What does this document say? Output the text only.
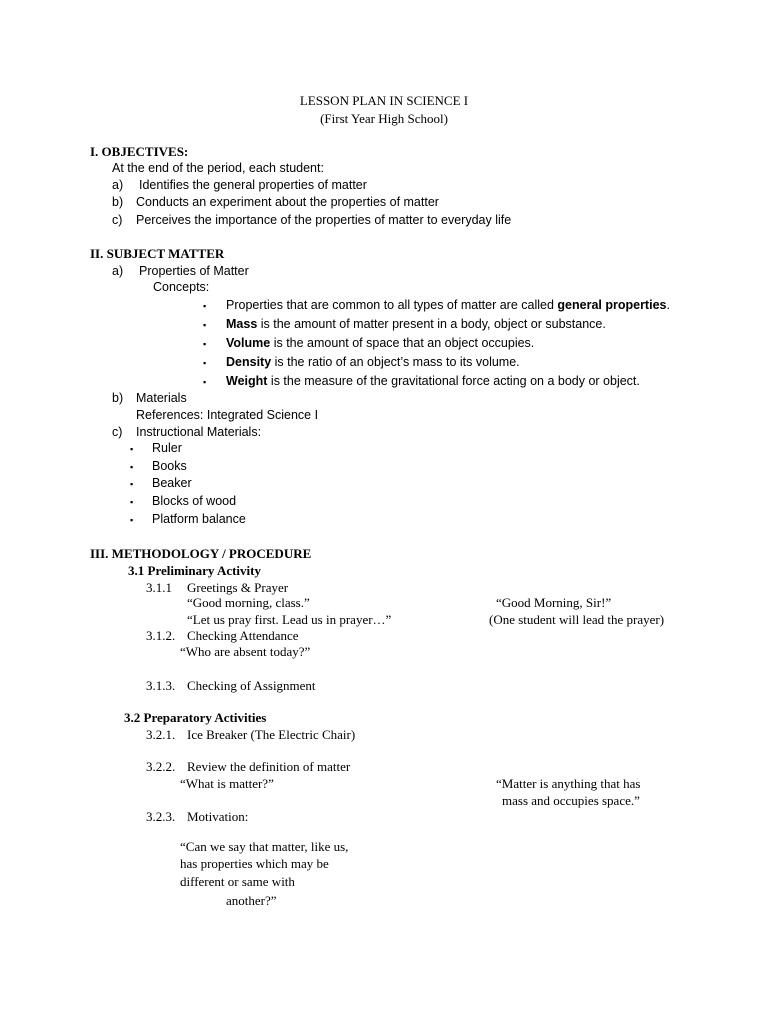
LESSON PLAN IN SCIENCE I
(First Year High School)
I. OBJECTIVES:
At the end of the period, each student:
a) Identifies the general properties of matter
b) Conducts an experiment about the properties of matter
c) Perceives the importance of the properties of matter to everyday life
II. SUBJECT MATTER
a) Properties of Matter
Concepts:
▪ Properties that are common to all types of matter are called general properties.
▪ Mass is the amount of matter present in a body, object or substance.
▪ Volume is the amount of space that an object occupies.
▪ Density is the ratio of an object’s mass to its volume.
▪ Weight is the measure of the gravitational force acting on a body or object.
b) Materials
References: Integrated Science I
c) Instructional Materials:
▪ Ruler
▪ Books
▪ Beaker
▪ Blocks of wood
▪ Platform balance
III. METHODOLOGY / PROCEDURE
3.1 Preliminary Activity
3.1.1 Greetings & Prayer
“Good morning, class.”	“Good Morning, Sir!”
“Let us pray first. Lead us in prayer…”	(One student will lead the prayer)
3.1.2. Checking Attendance
“Who are absent today?”
3.1.3. Checking of Assignment
3.2 Preparatory Activities
3.2.1. Ice Breaker (The Electric Chair)
3.2.2. Review the definition of matter
“What is matter?”	“Matter is anything that has
mass and occupies space.”
3.2.3. Motivation:
“Can we say that matter, like us,
has properties which may be
different or same with
another?”
